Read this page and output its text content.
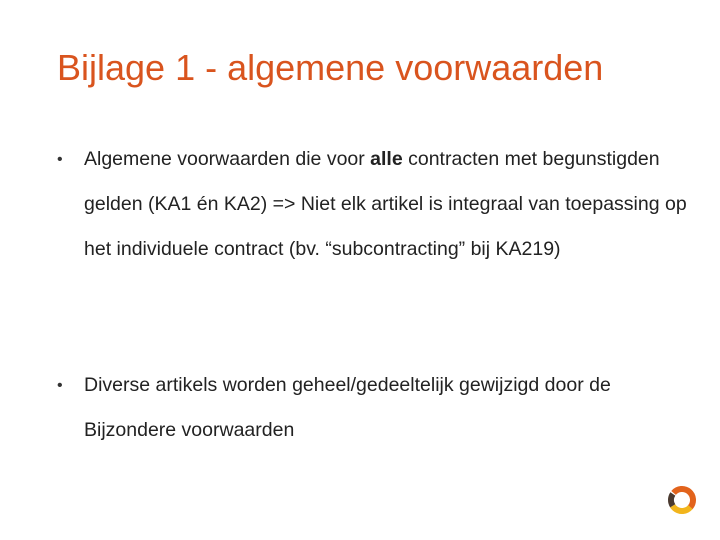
Bijlage 1 - algemene voorwaarden
• Algemene voorwaarden die voor alle contracten met begunstigden gelden (KA1 én KA2) => Niet elk artikel is integraal van toepassing op het individuele contract (bv. “subcontracting” bij KA219)
• Diverse artikels worden geheel/gedeeltelijk gewijzigd door de Bijzondere voorwaarden
